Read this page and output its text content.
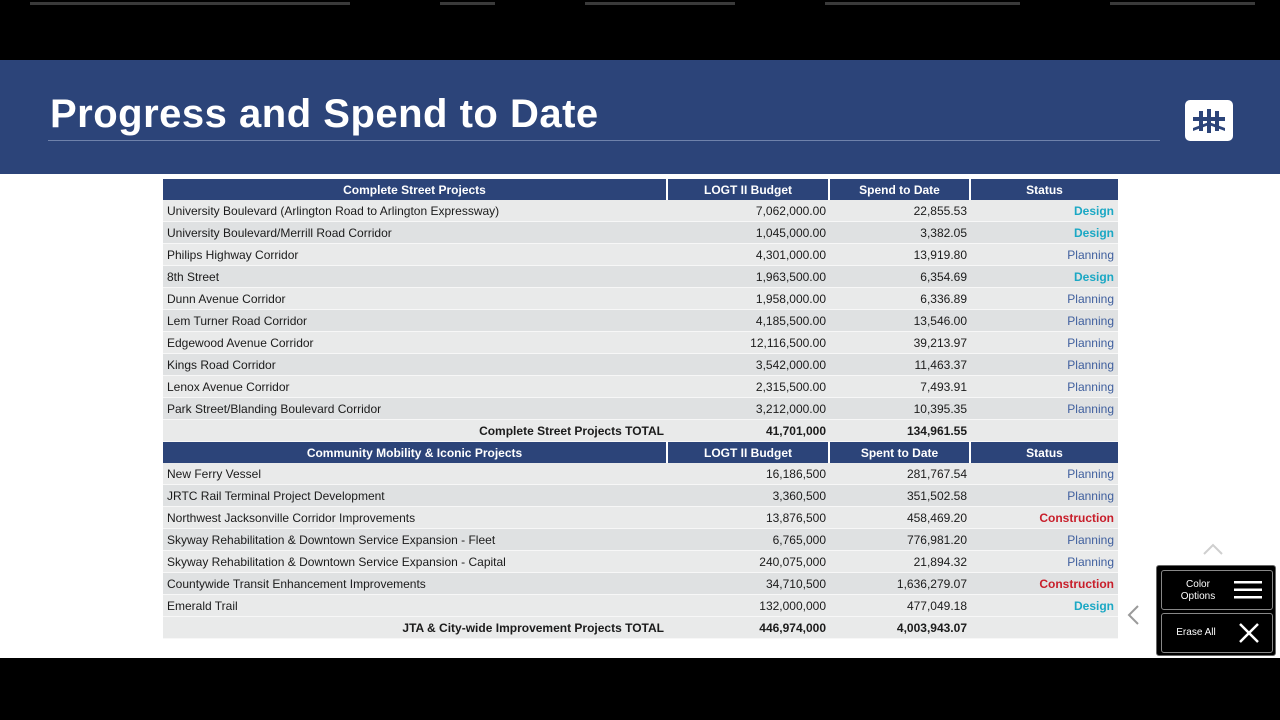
Progress and Spend to Date
Complete Street Projects	LOGT II Budget	Spend to Date	Status
University Boulevard (Arlington Road to Arlington Expressway)	7,062,000.00	22,855.53	Design
University Boulevard/Merrill Road Corridor	1,045,000.00	3,382.05	Design
Philips Highway Corridor	4,301,000.00	13,919.80	Planning
8th Street	1,963,500.00	6,354.69	Design
Dunn Avenue Corridor	1,958,000.00	6,336.89	Planning
Lem Turner Road Corridor	4,185,500.00	13,546.00	Planning
Edgewood Avenue Corridor	12,116,500.00	39,213.97	Planning
Kings Road Corridor	3,542,000.00	11,463.37	Planning
Lenox Avenue Corridor	2,315,500.00	7,493.91	Planning
Park Street/Blanding Boulevard Corridor	3,212,000.00	10,395.35	Planning
Complete Street Projects TOTAL	41,701,000	134,961.55	
Community Mobility & Iconic Projects	LOGT II Budget	Spent to Date	Status
New Ferry Vessel	16,186,500	281,767.54	Planning
JRTC Rail Terminal Project Development	3,360,500	351,502.58	Planning
Northwest Jacksonville Corridor Improvements	13,876,500	458,469.20	Construction
Skyway Rehabilitation & Downtown Service Expansion - Fleet	6,765,000	776,981.20	Planning
Skyway Rehabilitation & Downtown Service Expansion - Capital	240,075,000	21,894.32	Planning
Countywide Transit Enhancement Improvements	34,710,500	1,636,279.07	Construction
Emerald Trail	132,000,000	477,049.18	Design
JTA & City-wide Improvement Projects TOTAL	446,974,000	4,003,943.07	
Color
Options
Erase All
